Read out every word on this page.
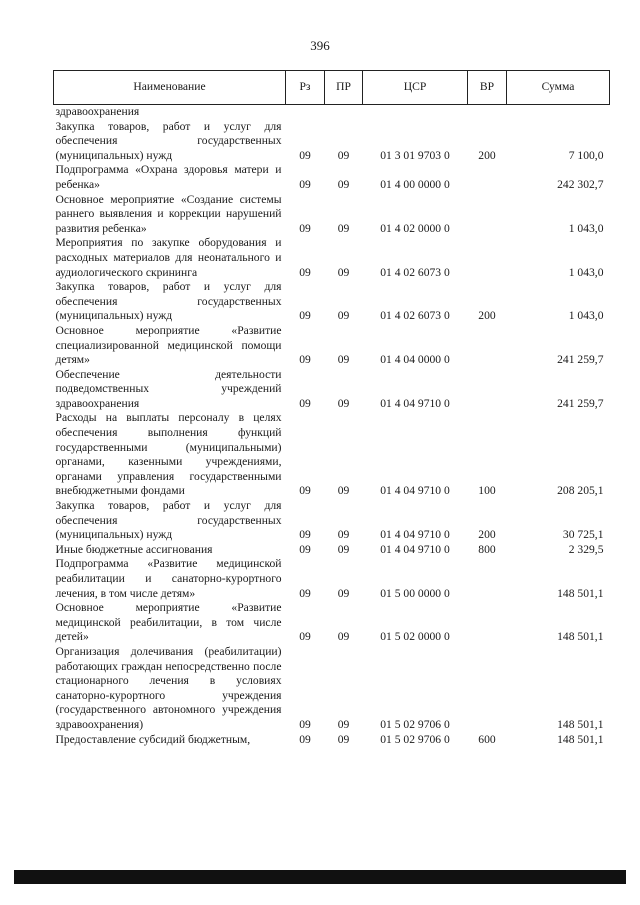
396
Наименование	Рз	ПР	ЦСР	ВР	Сумма
здравоохранения					
Закупка товаров, работ и услуг для обеспечения государственных (муниципальных) нужд	09	09	01 3 01 9703 0	200	7 100,0
Подпрограмма «Охрана здоровья матери и ребенка»	09	09	01 4 00 0000 0		242 302,7
Основное мероприятие «Создание системы раннего выявления и коррекции нарушений развития ребенка»	09	09	01 4 02 0000 0		1 043,0
Мероприятия по закупке оборудования и расходных материалов для неонатального и аудиологического скрининга	09	09	01 4 02 6073 0		1 043,0
Закупка товаров, работ и услуг для обеспечения государственных (муниципальных) нужд	09	09	01 4 02 6073 0	200	1 043,0
Основное мероприятие «Развитие специализированной медицинской помощи детям»	09	09	01 4 04 0000 0		241 259,7
Обеспечение деятельности подведомственных учреждений здравоохранения	09	09	01 4 04 9710 0		241 259,7
Расходы на выплаты персоналу в целях обеспечения выполнения функций государственными (муниципальными) органами, казенными учреждениями, органами управления государственными внебюджетными фондами	09	09	01 4 04 9710 0	100	208 205,1
Закупка товаров, работ и услуг для обеспечения государственных (муниципальных) нужд	09	09	01 4 04 9710 0	200	30 725,1
Иные бюджетные ассигнования	09	09	01 4 04 9710 0	800	2 329,5
Подпрограмма «Развитие медицинской реабилитации и санаторно-курортного лечения, в том числе детям»	09	09	01 5 00 0000 0		148 501,1
Основное мероприятие «Развитие медицинской реабилитации, в том числе детей»	09	09	01 5 02 0000 0		148 501,1
Организация долечивания (реабилитации) работающих граждан непосредственно после стационарного лечения в условиях санаторно-курортного учреждения (государственного автономного учреждения здравоохранения)	09	09	01 5 02 9706 0		148 501,1
Предоставление субсидий бюджетным,	09	09	01 5 02 9706 0	600	148 501,1
